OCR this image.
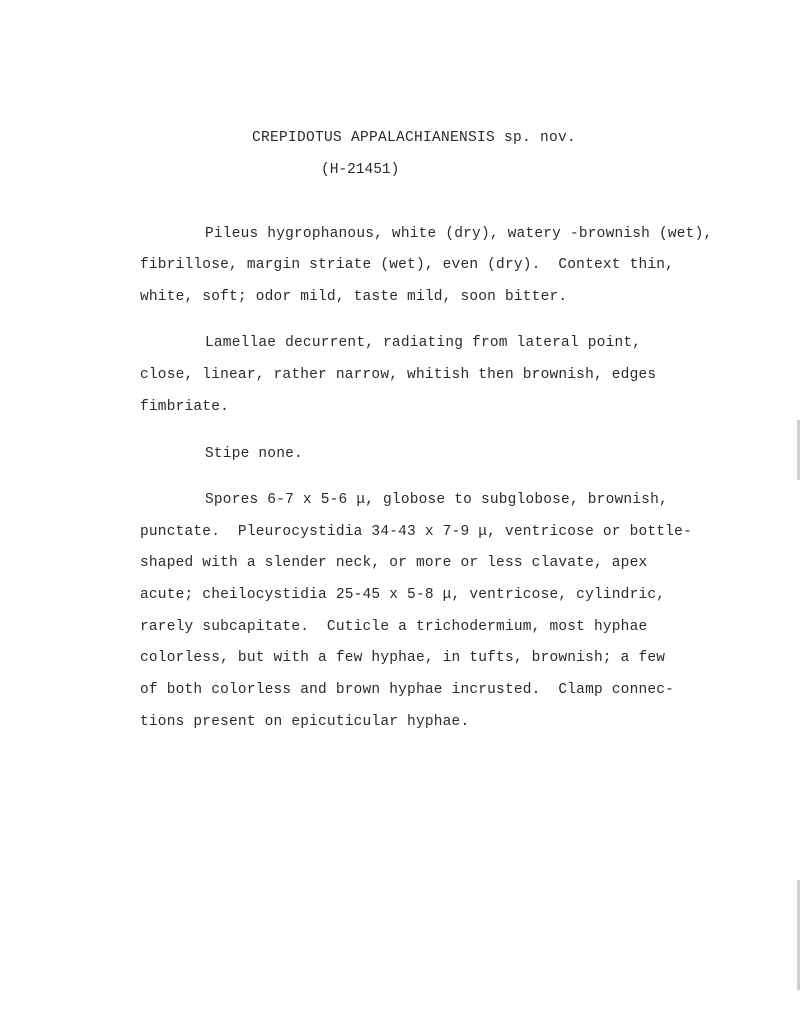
CREPIDOTUS APPALACHIANENSIS sp. nov.
(H-21451)
Pileus hygrophanous, white (dry), watery -brownish (wet),
fibrillose, margin striate (wet), even (dry).  Context thin,
white, soft; odor mild, taste mild, soon bitter.
Lamellae decurrent, radiating from lateral point,
close, linear, rather narrow, whitish then brownish, edges
fimbriate.
Stipe none.
Spores 6-7 x 5-6 μ, globose to subglobose, brownish,
punctate.  Pleurocystidia 34-43 x 7-9 μ, ventricose or bottle-
shaped with a slender neck, or more or less clavate, apex
acute; cheilocystidia 25-45 x 5-8 μ, ventricose, cylindric,
rarely subcapitate.  Cuticle a trichodermium, most hyphae
colorless, but with a few hyphae, in tufts, brownish; a few
of both colorless and brown hyphae incrusted.  Clamp connec-
tions present on epicuticular hyphae.
